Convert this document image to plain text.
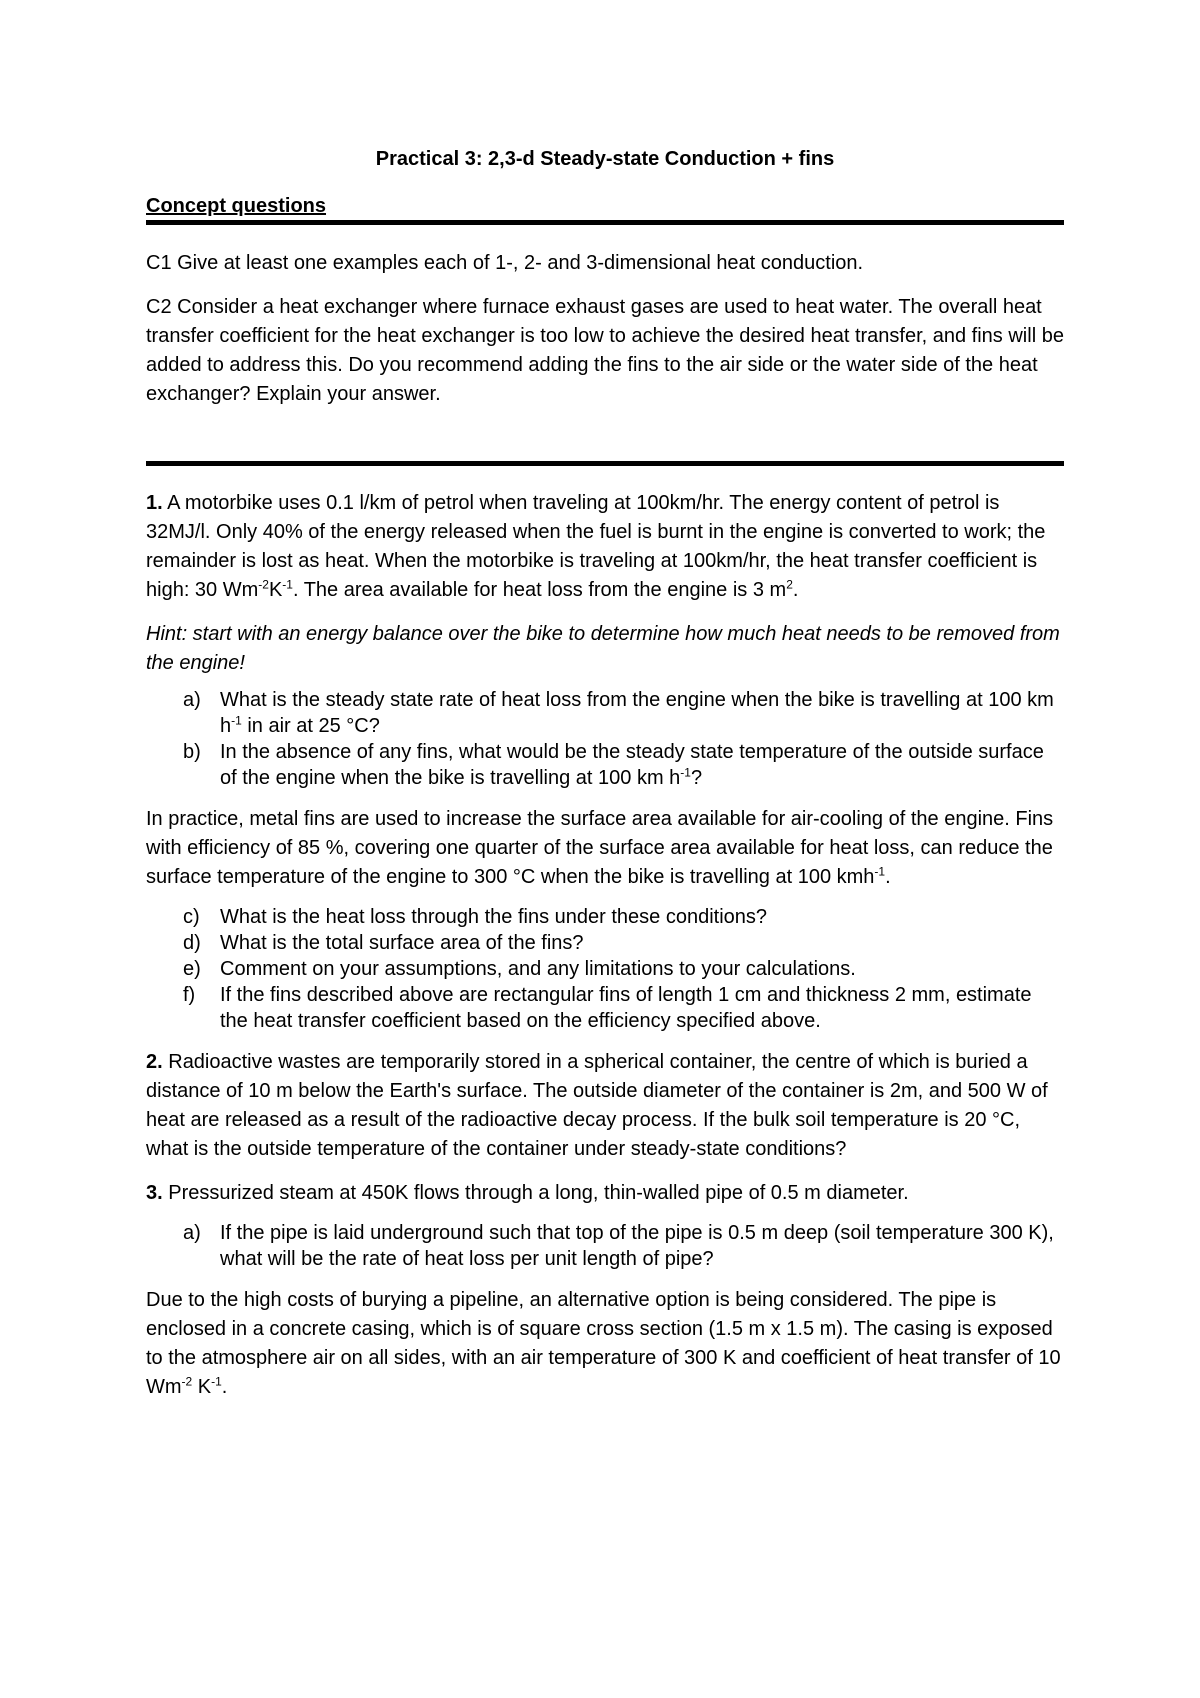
Practical 3: 2,3-d Steady-state Conduction + fins
Concept questions

C1 Give at least one examples each of 1-, 2- and 3-dimensional heat conduction.

C2 Consider a heat exchanger where furnace exhaust gases are used to heat water. The overall heat transfer coefficient for the heat exchanger is too low to achieve the desired heat transfer, and fins will be added to address this. Do you recommend adding the fins to the air side or the water side of the heat exchanger? Explain your answer.

1. A motorbike uses 0.1 l/km of petrol when traveling at 100km/hr. The energy content of petrol is 32MJ/l. Only 40% of the energy released when the fuel is burnt in the engine is converted to work; the remainder is lost as heat. When the motorbike is traveling at 100km/hr, the heat transfer coefficient is high: 30 $Wm^{-2}K^{-1}$. The area available for heat loss from the engine is 3 $m^2$.

Hint: start with an energy balance over the bike to determine how much heat needs to be removed from the engine!

a) What is the steady state rate of heat loss from the engine when the bike is travelling at 100 km $h^{-1}$ in air at 25 °C?
b) In the absence of any fins, what would be the steady state temperature of the outside surface of the engine when the bike is travelling at 100 km $h^{-1}$?

In practice, metal fins are used to increase the surface area available for air-cooling of the engine. Fins with efficiency of 85 %, covering one quarter of the surface area available for heat loss, can reduce the surface temperature of the engine to 300 °C when the bike is travelling at 100 kmh$^{-1}$.

c) What is the heat loss through the fins under these conditions?
d) What is the total surface area of the fins?
e) Comment on your assumptions, and any limitations to your calculations.
f) If the fins described above are rectangular fins of length 1 cm and thickness 2 mm, estimate the heat transfer coefficient based on the efficiency specified above.

2. Radioactive wastes are temporarily stored in a spherical container, the centre of which is buried a distance of 10 m below the Earth's surface. The outside diameter of the container is 2m, and 500 W of heat are released as a result of the radioactive decay process. If the bulk soil temperature is 20 °C, what is the outside temperature of the container under steady-state conditions?

3. Pressurized steam at 450K flows through a long, thin-walled pipe of 0.5 m diameter.

a) If the pipe is laid underground such that top of the pipe is 0.5 m deep (soil temperature 300 K), what will be the rate of heat loss per unit length of pipe?

Due to the high costs of burying a pipeline, an alternative option is being considered. The pipe is enclosed in a concrete casing, which is of square cross section (1.5 m x 1.5 m). The casing is exposed to the atmosphere air on all sides, with an air temperature of 300 K and coefficient of heat transfer of 10 $Wm^{-2}$ $K^{-1}$.
